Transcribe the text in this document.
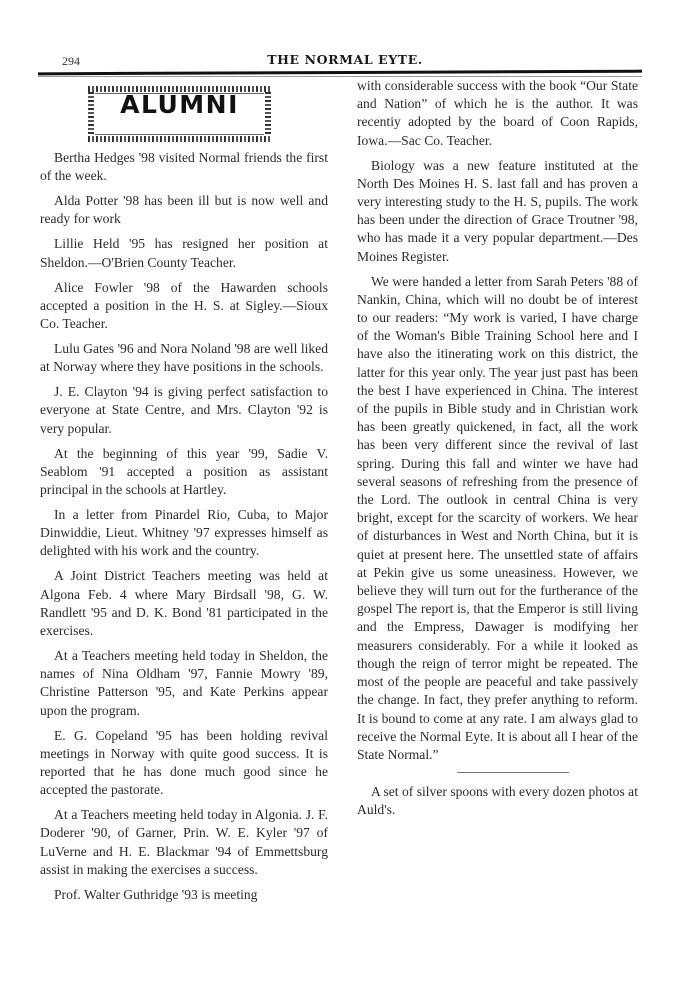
294	THE NORMAL EYTE.
ALUMNI

Bertha Hedges '98 visited Normal friends the first of the week.

Alda Potter '98 has been ill but is now well and ready for work

Lillie Held '95 has resigned her position at Sheldon.—O'Brien County Teacher.

Alice Fowler '98 of the Hawarden schools accepted a position in the H. S. at Sigley.—Sioux Co. Teacher.

Lulu Gates '96 and Nora Noland '98 are well liked at Norway where they have positions in the schools.

J. E. Clayton '94 is giving perfect satisfaction to everyone at State Centre, and Mrs. Clayton '92 is very popular.

At the beginning of this year '99, Sadie V. Seablom '91 accepted a position as assistant principal in the schools at Hartley.

In a letter from Pinardel Rio, Cuba, to Major Dinwiddie, Lieut. Whitney '97 expresses himself as delighted with his work and the country.

A Joint District Teachers meeting was held at Algona Feb. 4 where Mary Birdsall '98, G. W. Randlett '95 and D. K. Bond '81 participated in the exercises.

At a Teachers meeting held today in Sheldon, the names of Nina Oldham '97, Fannie Mowry '89, Christine Patterson '95, and Kate Perkins appear upon the program.

E. G. Copeland '95 has been holding revival meetings in Norway with quite good success. It is reported that he has done much good since he accepted the pastorate.

At a Teachers meeting held today in Algonia. J. F. Doderer '90, of Garner, Prin. W. E. Kyler '97 of LuVerne and H. E. Blackmar '94 of Emmettsburg assist in making the exercises a success.

Prof. Walter Guthridge '93 is meeting

with considerable success with the book “Our State and Nation” of which he is the author. It was recentiy adopted by the board of Coon Rapids, Iowa.—Sac Co. Teacher.

Biology was a new feature instituted at the North Des Moines H. S. last fall and has proven a very interesting study to the H. S, pupils. The work has been under the direction of Grace Troutner '98, who has made it a very popular department.—Des Moines Register.

We were handed a letter from Sarah Peters '88 of Nankin, China, which will no doubt be of interest to our readers: “My work is varied, I have charge of the Woman's Bible Training School here and I have also the itinerating work on this district, the latter for this year only. The year just past has been the best I have experienced in China. The interest of the pupils in Bible study and in Christian work has been greatly quickened, in fact, all the work has been very different since the revival of last spring. During this fall and winter we have had several seasons of refreshing from the presence of the Lord. The outlook in central China is very bright, except for the scarcity of workers. We hear of disturbances in West and North China, but it is quiet at present here. The unsettled state of affairs at Pekin give us some uneasiness. However, we believe they will turn out for the furtherance of the gospel The report is, that the Emperor is still living and the Empress, Dawager is modifying her measurers considerably. For a while it looked as though the reign of terror might be repeated. The most of the people are peaceful and take passively the change. In fact, they prefer anything to reform. It is bound to come at any rate. I am always glad to receive the Normal Eyte. It is about all I hear of the State Normal.”

A set of silver spoons with every dozen photos at Auld's.
